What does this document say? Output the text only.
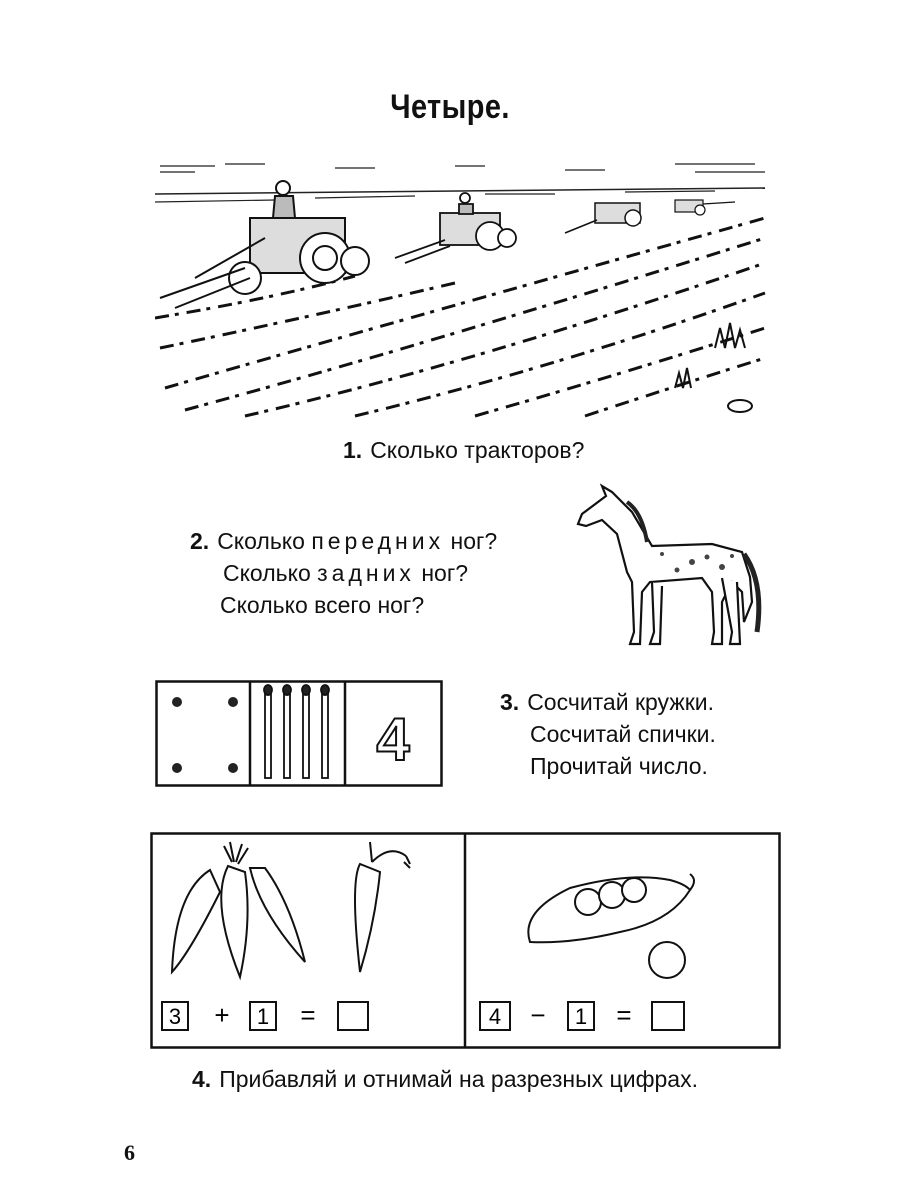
Четыре.
1. Сколько тракторов?
2. Сколько передних ног?
Сколько задних ног?
Сколько всего ног?
4
3. Сосчитай кружки.
Сосчитай спички.
Прочитай число.
3 + 1 =	4 − 1 =
4. Прибавляй и отнимай на разрезных цифрах.
6
